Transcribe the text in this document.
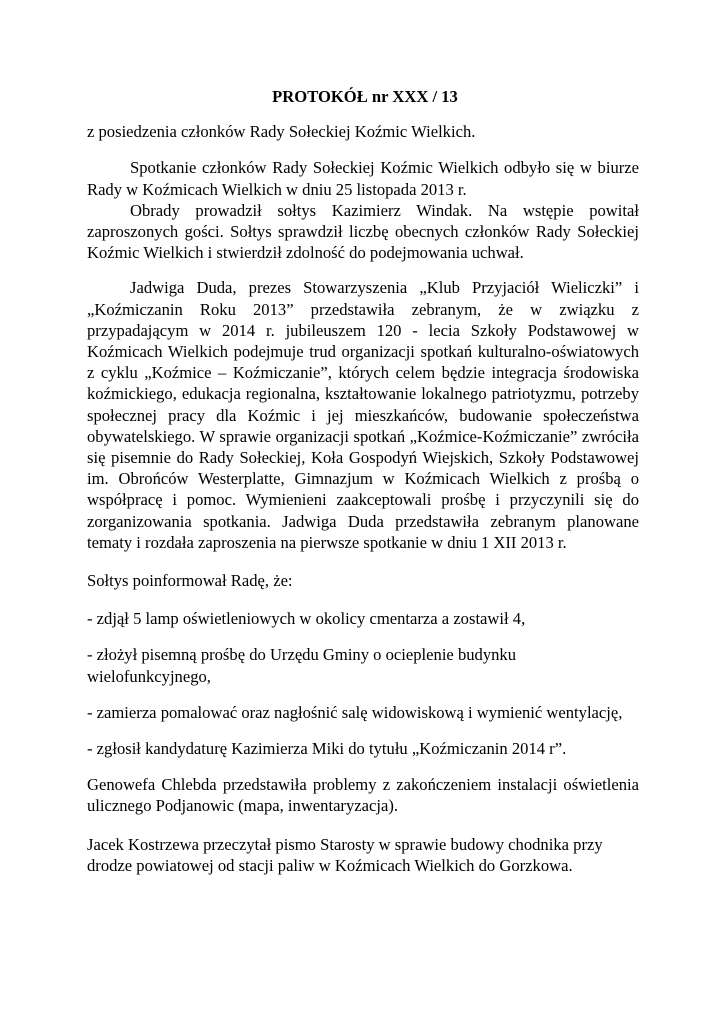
PROTOKÓŁ nr XXX / 13

z posiedzenia członków Rady Sołeckiej Koźmic Wielkich.

Spotkanie członków Rady Sołeckiej Koźmic Wielkich odbyło się w biurze Rady w Koźmicach Wielkich w dniu 25 listopada 2013 r.

Obrady prowadził sołtys Kazimierz Windak. Na wstępie powitał zaproszonych gości. Sołtys sprawdził liczbę obecnych członków Rady Sołeckiej Koźmic Wielkich i stwierdził zdolność do podejmowania uchwał.

Jadwiga Duda, prezes Stowarzyszenia „Klub Przyjaciół Wieliczki” i „Koźmiczanin Roku 2013” przedstawiła zebranym, że w związku z przypadającym w 2014 r. jubileuszem 120 - lecia Szkoły Podstawowej w Koźmicach Wielkich podejmuje trud organizacji spotkań kulturalno-oświatowych z cyklu „Koźmice – Koźmiczanie”, których celem będzie integracja środowiska koźmickiego, edukacja regionalna, kształtowanie lokalnego patriotyzmu, potrzeby społecznej pracy dla Koźmic i jej mieszkańców, budowanie społeczeństwa obywatelskiego. W sprawie organizacji spotkań „Koźmice-Koźmiczanie” zwróciła się pisemnie do Rady Sołeckiej, Koła Gospodyń Wiejskich, Szkoły Podstawowej im. Obrońców Westerplatte, Gimnazjum w Koźmicach Wielkich z prośbą o współpracę i pomoc. Wymienieni zaakceptowali prośbę i przyczynili się do zorganizowania spotkania. Jadwiga Duda przedstawiła zebranym planowane tematy i rozdała zaproszenia na pierwsze spotkanie w dniu 1 XII 2013 r.

Sołtys poinformował Radę, że:

- zdjął 5 lamp oświetleniowych w okolicy cmentarza a zostawił 4,

- złożył pisemną prośbę do Urzędu Gminy o ocieplenie budynku wielofunkcyjnego,

- zamierza pomalować oraz nagłośnić salę widowiskową i wymienić wentylację,

- zgłosił kandydaturę Kazimierza Miki do tytułu „Koźmiczanin 2014 r”.

Genowefa Chlebda przedstawiła problemy z zakończeniem instalacji oświetlenia ulicznego Podjanowic (mapa, inwentaryzacja).

Jacek Kostrzewa przeczytał pismo Starosty w sprawie budowy chodnika przy drodze powiatowej od stacji paliw w Koźmicach Wielkich do Gorzkowa.
